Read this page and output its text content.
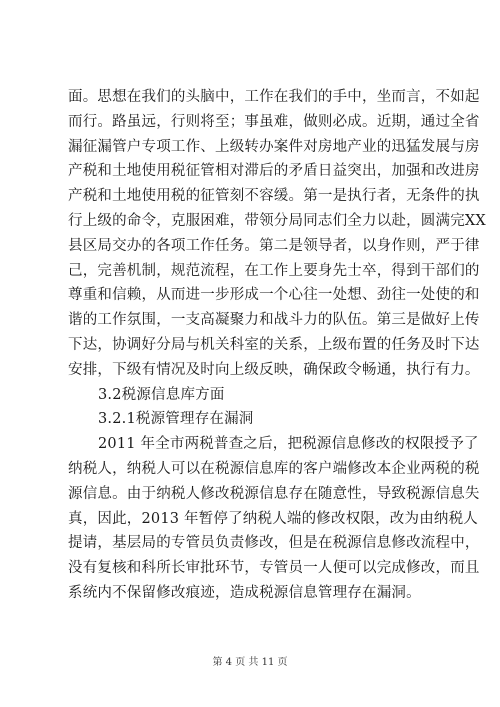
面。思想在我们的头脑中，工作在我们的手中，坐而言，不如起
而行。路虽远，行则将至；事虽难，做则必成。近期，通过全省
漏征漏管户专项工作、上级转办案件对房地产业的迅猛发展与房
产税和土地使用税征管相对滞后的矛盾日益突出，加强和改进房
产税和土地使用税的征管刻不容缓。第一是执行者，无条件的执
行上级的命令，克服困难，带领分局同志们全力以赴，圆满完XX
县区局交办的各项工作任务。第二是领导者，以身作则，严于律
己，完善机制，规范流程，在工作上要身先士卒，得到干部们的
尊重和信赖，从而进一步形成一个心往一处想、劲往一处使的和
谐的工作氛围，一支高凝聚力和战斗力的队伍。第三是做好上传
下达，协调好分局与机关科室的关系，上级布置的任务及时下达
安排，下级有情况及时向上级反映，确保政令畅通，执行有力。
3.2税源信息库方面
3.2.1税源管理存在漏洞
2011 年全市两税普查之后，把税源信息修改的权限授予了
纳税人，纳税人可以在税源信息库的客户端修改本企业两税的税
源信息。由于纳税人修改税源信息存在随意性，导致税源信息失
真，因此，2013 年暂停了纳税人端的修改权限，改为由纳税人
提请，基层局的专管员负责修改，但是在税源信息修改流程中，
没有复核和科所长审批环节，专管员一人便可以完成修改，而且
系统内不保留修改痕迹，造成税源信息管理存在漏洞。
第 4 页 共 11 页
